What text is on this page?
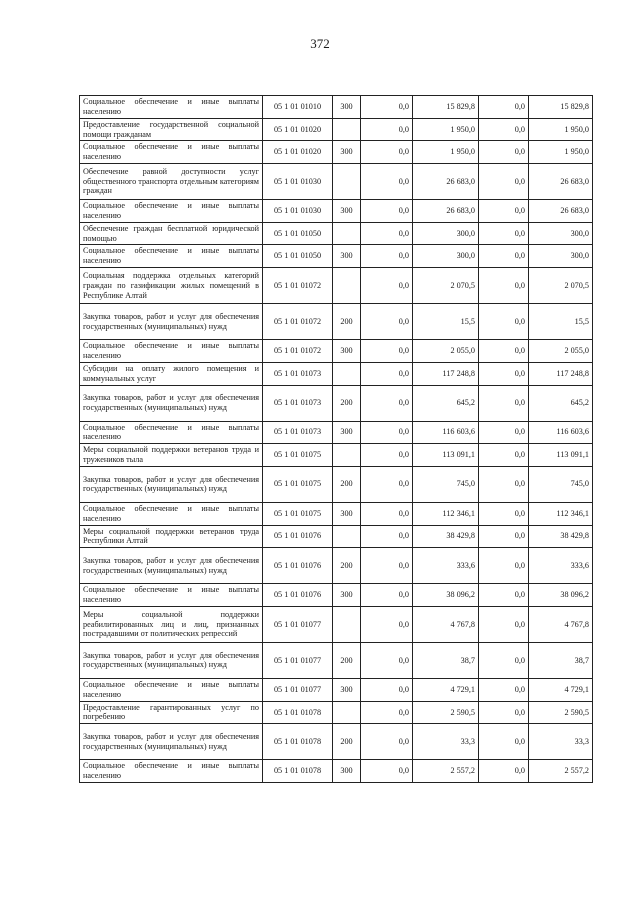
372
Социальное обеспечение и иные выплаты населению	05 1 01 01010	300	0,0	15 829,8	0,0	15 829,8
Предоставление государственной социальной помощи гражданам	05 1 01 01020		0,0	1 950,0	0,0	1 950,0
Социальное обеспечение и иные выплаты населению	05 1 01 01020	300	0,0	1 950,0	0,0	1 950,0
Обеспечение равной доступности услуг общественного транспорта отдельным категориям граждан	05 1 01 01030		0,0	26 683,0	0,0	26 683,0
Социальное обеспечение и иные выплаты населению	05 1 01 01030	300	0,0	26 683,0	0,0	26 683,0
Обеспечение граждан бесплатной юридической помощью	05 1 01 01050		0,0	300,0	0,0	300,0
Социальное обеспечение и иные выплаты населению	05 1 01 01050	300	0,0	300,0	0,0	300,0
Социальная поддержка отдельных категорий граждан по газификации жилых помещений в Республике Алтай	05 1 01 01072		0,0	2 070,5	0,0	2 070,5
Закупка товаров, работ и услуг для обеспечения государственных (муниципальных) нужд	05 1 01 01072	200	0,0	15,5	0,0	15,5
Социальное обеспечение и иные выплаты населению	05 1 01 01072	300	0,0	2 055,0	0,0	2 055,0
Субсидии на оплату жилого помещения и коммунальных услуг	05 1 01 01073		0,0	117 248,8	0,0	117 248,8
Закупка товаров, работ и услуг для обеспечения государственных (муниципальных) нужд	05 1 01 01073	200	0,0	645,2	0,0	645,2
Социальное обеспечение и иные выплаты населению	05 1 01 01073	300	0,0	116 603,6	0,0	116 603,6
Меры социальной поддержки ветеранов труда и тружеников тыла	05 1 01 01075		0,0	113 091,1	0,0	113 091,1
Закупка товаров, работ и услуг для обеспечения государственных (муниципальных) нужд	05 1 01 01075	200	0,0	745,0	0,0	745,0
Социальное обеспечение и иные выплаты населению	05 1 01 01075	300	0,0	112 346,1	0,0	112 346,1
Меры социальной поддержки ветеранов труда Республики Алтай	05 1 01 01076		0,0	38 429,8	0,0	38 429,8
Закупка товаров, работ и услуг для обеспечения государственных (муниципальных) нужд	05 1 01 01076	200	0,0	333,6	0,0	333,6
Социальное обеспечение и иные выплаты населению	05 1 01 01076	300	0,0	38 096,2	0,0	38 096,2
Меры социальной поддержки реабилитированных лиц и лиц, признанных пострадавшими от политических репрессий	05 1 01 01077		0,0	4 767,8	0,0	4 767,8
Закупка товаров, работ и услуг для обеспечения государственных (муниципальных) нужд	05 1 01 01077	200	0,0	38,7	0,0	38,7
Социальное обеспечение и иные выплаты населению	05 1 01 01077	300	0,0	4 729,1	0,0	4 729,1
Предоставление гарантированных услуг по погребению	05 1 01 01078		0,0	2 590,5	0,0	2 590,5
Закупка товаров, работ и услуг для обеспечения государственных (муниципальных) нужд	05 1 01 01078	200	0,0	33,3	0,0	33,3
Социальное обеспечение и иные выплаты населению	05 1 01 01078	300	0,0	2 557,2	0,0	2 557,2
